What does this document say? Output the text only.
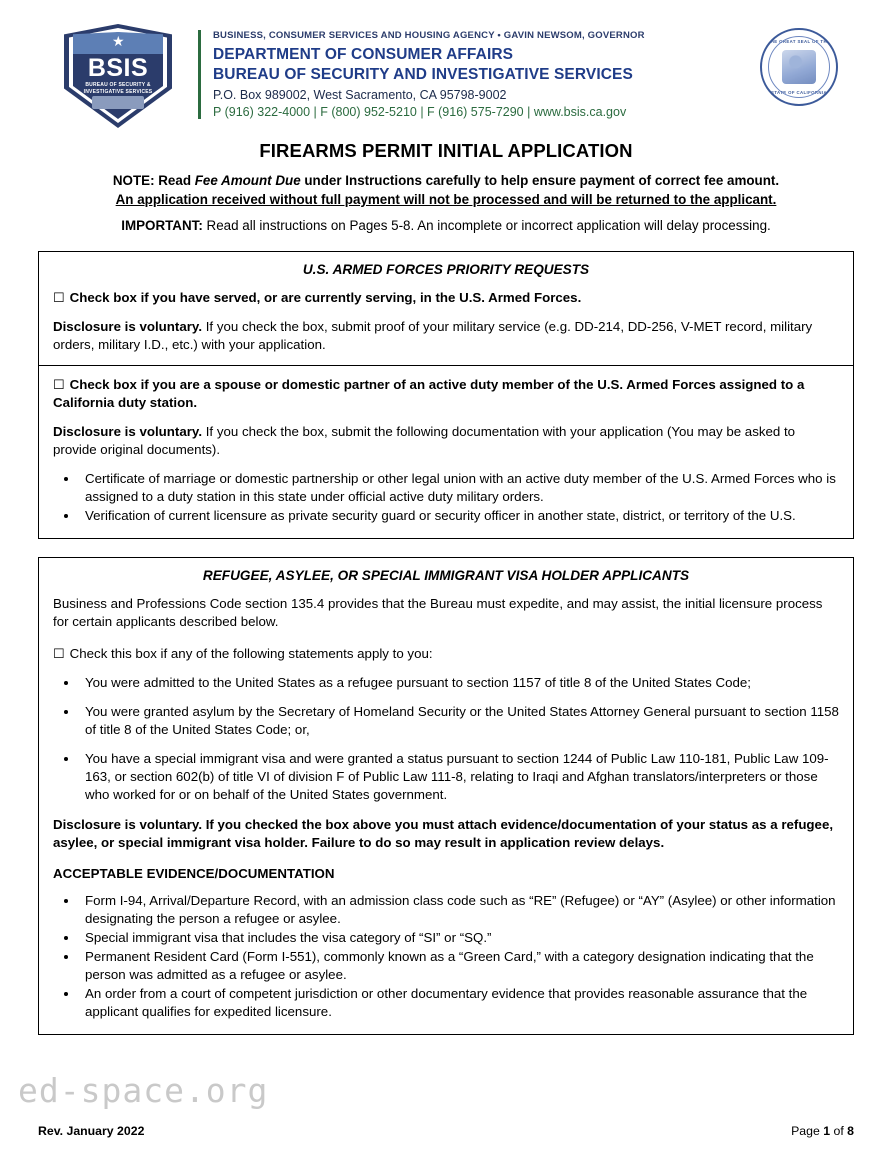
★
BSIS
BUREAU OF SECURITY & INVESTIGATIVE SERVICES
BUSINESS, CONSUMER SERVICES AND HOUSING AGENCY • GAVIN NEWSOM, GOVERNOR
DEPARTMENT OF CONSUMER AFFAIRS
BUREAU OF SECURITY AND INVESTIGATIVE SERVICES
P.O. Box 989002, West Sacramento, CA 95798-9002
P (916) 322-4000 | F (800) 952-5210 | F (916) 575-7290 | www.bsis.ca.gov
THE GREAT SEAL OF THE
STATE OF CALIFORNIA
FIREARMS PERMIT INITIAL APPLICATION
NOTE: Read Fee Amount Due under Instructions carefully to help ensure payment of correct fee amount.
An application received without full payment will not be processed and will be returned to the applicant.
IMPORTANT: Read all instructions on Pages 5-8. An incomplete or incorrect application will delay processing.
U.S. ARMED FORCES PRIORITY REQUESTS
☐ Check box if you have served, or are currently serving, in the U.S. Armed Forces.
Disclosure is voluntary. If you check the box, submit proof of your military service (e.g. DD-214, DD-256, V-MET record, military orders, military I.D., etc.) with your application.
☐ Check box if you are a spouse or domestic partner of an active duty member of the U.S. Armed Forces assigned to a California duty station.
Disclosure is voluntary. If you check the box, submit the following documentation with your application (You may be asked to provide original documents).
• Certificate of marriage or domestic partnership or other legal union with an active duty member of the U.S. Armed Forces who is assigned to a duty station in this state under official active duty military orders.
• Verification of current licensure as private security guard or security officer in another state, district, or territory of the U.S.
REFUGEE, ASYLEE, OR SPECIAL IMMIGRANT VISA HOLDER APPLICANTS
Business and Professions Code section 135.4 provides that the Bureau must expedite, and may assist, the initial licensure process for certain applicants described below.
☐ Check this box if any of the following statements apply to you:
• You were admitted to the United States as a refugee pursuant to section 1157 of title 8 of the United States Code;
• You were granted asylum by the Secretary of Homeland Security or the United States Attorney General pursuant to section 1158 of title 8 of the United States Code; or,
• You have a special immigrant visa and were granted a status pursuant to section 1244 of Public Law 110-181, Public Law 109-163, or section 602(b) of title VI of division F of Public Law 111-8, relating to Iraqi and Afghan translators/interpreters or those who worked for or on behalf of the United States government.
Disclosure is voluntary. If you checked the box above you must attach evidence/documentation of your status as a refugee, asylee, or special immigrant visa holder. Failure to do so may result in application review delays.
ACCEPTABLE EVIDENCE/DOCUMENTATION
• Form I-94, Arrival/Departure Record, with an admission class code such as “RE” (Refugee) or “AY” (Asylee) or other information designating the person a refugee or asylee.
• Special immigrant visa that includes the visa category of “SI” or “SQ.”
• Permanent Resident Card (Form I-551), commonly known as a “Green Card,” with a category designation indicating that the person was admitted as a refugee or asylee.
• An order from a court of competent jurisdiction or other documentary evidence that provides reasonable assurance that the applicant qualifies for expedited licensure.
ed-space.org
Rev. January 2022	Page 1 of 8
